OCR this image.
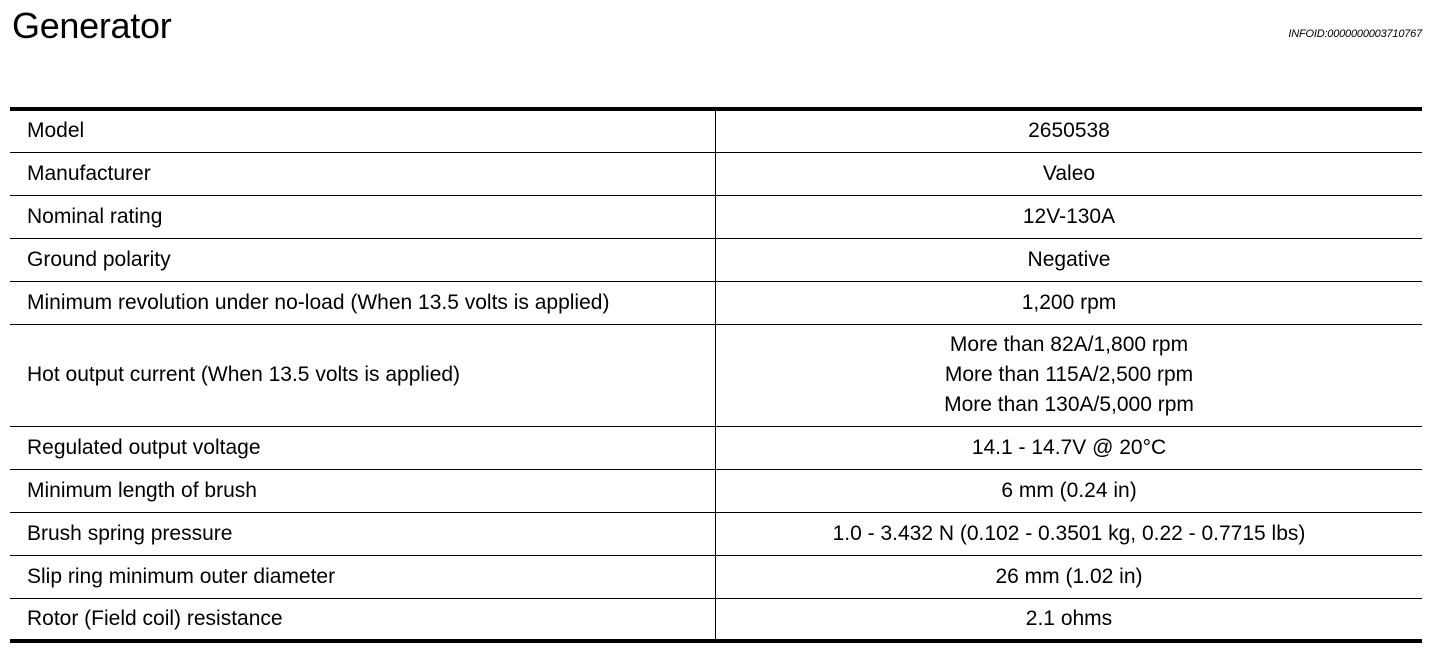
Generator	INFOID:0000000003710767
Model	2650538

Manufacturer	Valeo

Nominal rating	12V-130A

Ground polarity	Negative

Minimum revolution under no-load (When 13.5 volts is applied)	1,200 rpm

Hot output current (When 13.5 volts is applied)	More than 82A/1,800 rpm
More than 115A/2,500 rpm
More than 130A/5,000 rpm

Regulated output voltage	14.1 - 14.7V @ 20°C

Minimum length of brush	6 mm (0.24 in)

Brush spring pressure	1.0 - 3.432 N (0.102 - 0.3501 kg, 0.22 - 0.7715 lbs)

Slip ring minimum outer diameter	26 mm (1.02 in)

Rotor (Field coil) resistance	2.1 ohms
